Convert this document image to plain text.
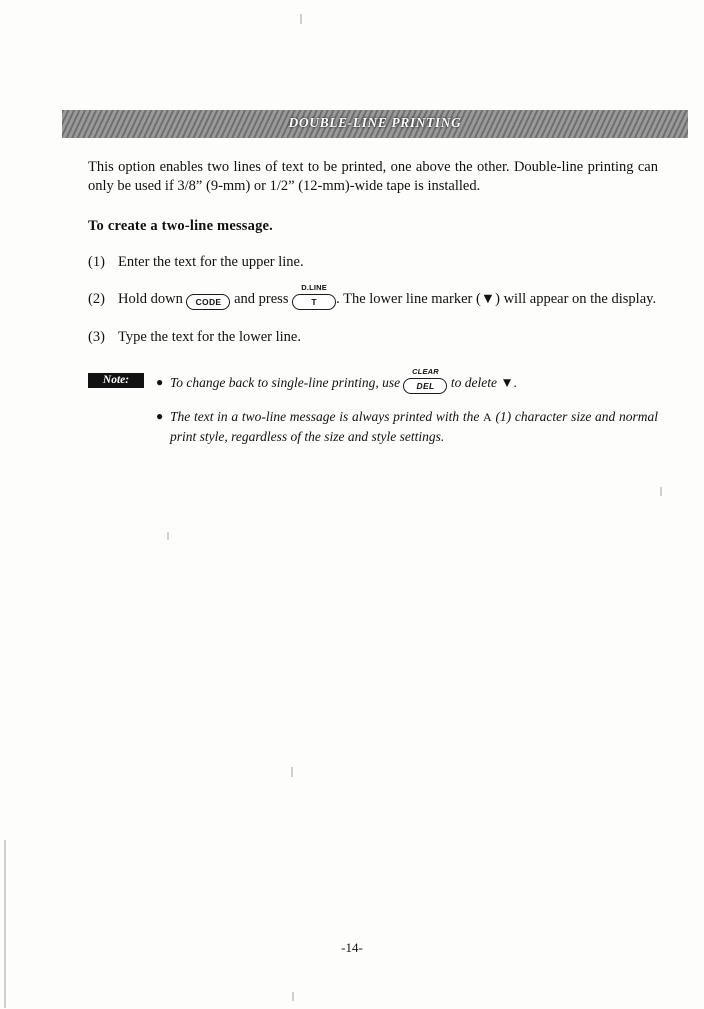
DOUBLE-LINE PRINTING

This option enables two lines of text to be printed, one above the other. Double-line printing can only be used if 3/8” (9-mm) or 1/2” (12-mm)-wide tape is installed.

To create a two-line message.
(1) Enter the text for the upper line.
(2) Hold down CODE and press
D.LINE
T . The lower line marker (▼) will appear on the display.
(3) Type the text for the lower line.
Note:	● To change back to single-line printing, use
CLEAR
DEL to delete ▼.
● The text in a two-line message is always printed with the A (1) character size and normal print style, regardless of the size and style settings.
-14-
